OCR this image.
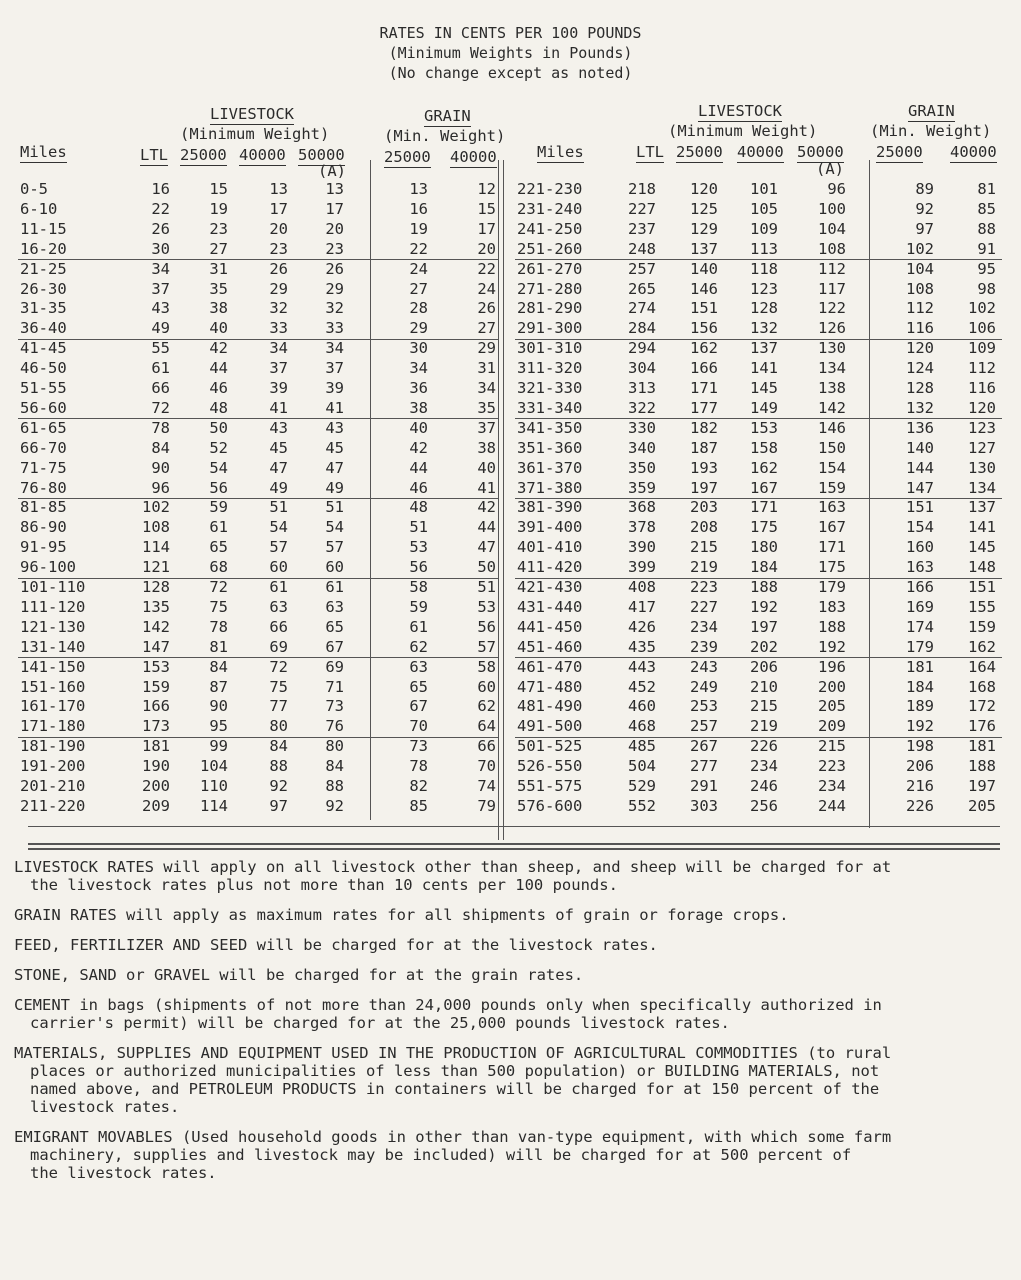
RATES IN CENTS PER 100 POUNDS
(Minimum Weights in Pounds)
(No change except as noted)
LIVESTOCK
(Minimum Weight)
GRAIN
(Min. Weight)
Miles	LTL 25000 40000 50000
(A)
25000 40000
LIVESTOCK
(Minimum Weight)
GRAIN
(Min. Weight)
Miles	LTL 25000 40000 50000
(A)
25000 40000
0-5	16	15	13	13	13	12
6-10	22	19	17	17	16	15
11-15	26	23	20	20	19	17
16-20	30	27	23	23	22	20
21-25	34	31	26	26	24	22
26-30	37	35	29	29	27	24
31-35	43	38	32	32	28	26
36-40	49	40	33	33	29	27
41-45	55	42	34	34	30	29
46-50	61	44	37	37	34	31
51-55	66	46	39	39	36	34
56-60	72	48	41	41	38	35
61-65	78	50	43	43	40	37
66-70	84	52	45	45	42	38
71-75	90	54	47	47	44	40
76-80	96	56	49	49	46	41
81-85	102	59	51	51	48	42
86-90	108	61	54	54	51	44
91-95	114	65	57	57	53	47
96-100	121	68	60	60	56	50
101-110	128	72	61	61	58	51
111-120	135	75	63	63	59	53
121-130	142	78	66	65	61	56
131-140	147	81	69	67	62	57
141-150	153	84	72	69	63	58
151-160	159	87	75	71	65	60
161-170	166	90	77	73	67	62
171-180	173	95	80	76	70	64
181-190	181	99	84	80	73	66
191-200	190	104	88	84	78	70
201-210	200	110	92	88	82	74
211-220	209	114	97	92	85	79
221-230	218	120	101	96	89	81
231-240	227	125	105	100	92	85
241-250	237	129	109	104	97	88
251-260	248	137	113	108	102	91
261-270	257	140	118	112	104	95
271-280	265	146	123	117	108	98
281-290	274	151	128	122	112	102
291-300	284	156	132	126	116	106
301-310	294	162	137	130	120	109
311-320	304	166	141	134	124	112
321-330	313	171	145	138	128	116
331-340	322	177	149	142	132	120
341-350	330	182	153	146	136	123
351-360	340	187	158	150	140	127
361-370	350	193	162	154	144	130
371-380	359	197	167	159	147	134
381-390	368	203	171	163	151	137
391-400	378	208	175	167	154	141
401-410	390	215	180	171	160	145
411-420	399	219	184	175	163	148
421-430	408	223	188	179	166	151
431-440	417	227	192	183	169	155
441-450	426	234	197	188	174	159
451-460	435	239	202	192	179	162
461-470	443	243	206	196	181	164
471-480	452	249	210	200	184	168
481-490	460	253	215	205	189	172
491-500	468	257	219	209	192	176
501-525	485	267	226	215	198	181
526-550	504	277	234	223	206	188
551-575	529	291	246	234	216	197
576-600	552	303	256	244	226	205
LIVESTOCK RATES will apply on all livestock other than sheep, and sheep will be charged for at
the livestock rates plus not more than 10 cents per 100 pounds.
GRAIN RATES will apply as maximum rates for all shipments of grain or forage crops.
FEED, FERTILIZER AND SEED will be charged for at the livestock rates.
STONE, SAND or GRAVEL will be charged for at the grain rates.
CEMENT in bags (shipments of not more than 24,000 pounds only when specifically authorized in
carrier's permit) will be charged for at the 25,000 pounds livestock rates.
MATERIALS, SUPPLIES AND EQUIPMENT USED IN THE PRODUCTION OF AGRICULTURAL COMMODITIES (to rural
places or authorized municipalities of less than 500 population) or BUILDING MATERIALS, not
named above, and PETROLEUM PRODUCTS in containers will be charged for at 150 percent of the
livestock rates.
EMIGRANT MOVABLES (Used household goods in other than van-type equipment, with which some farm
machinery, supplies and livestock may be included) will be charged for at 500 percent of
the livestock rates.
